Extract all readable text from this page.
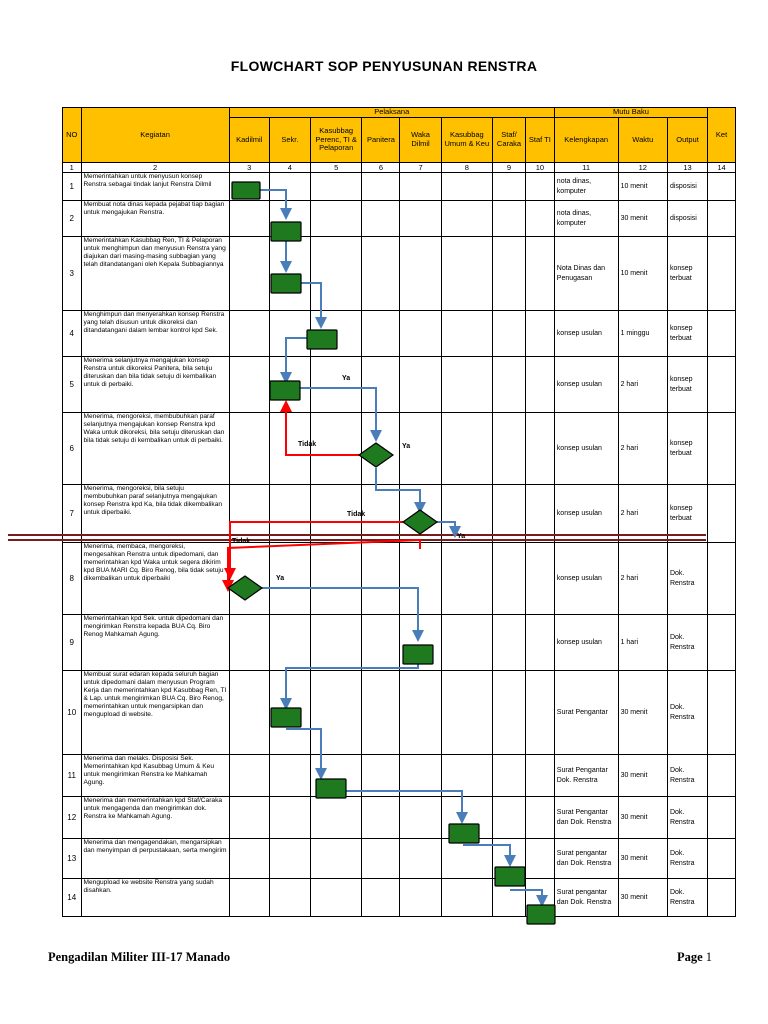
FLOWCHART SOP PENYUSUNAN RENSTRA
NO	Kegiatan	Pelaksana								Mutu Baku			Ket
		Kadilmil	Sekr.	Kasubbag Perenc, TI & Pelaporan	Panitera	Waka Dilmil	Kasubbag Umum & Keu	Staf/ Caraka	Staf TI	Kelengkapan	Waktu	Output	
1	2	3	4	5	6	7	8	9	10	11	12	13	14
1	Memerintahkan untuk menyusun konsep Renstra sebagai tindak lanjut Renstra Dilmil									nota dinas, komputer	10 menit	disposisi	
2	Membuat nota dinas kepada pejabat tiap bagian untuk mengajukan Renstra.									nota dinas, komputer	30 menit	disposisi	
3	Memerintahkan Kasubbag Ren, TI & Pelaporan untuk menghimpun dan menyusun Renstra yang diajukan dari masing-masing subbagian yang telah ditandatangani oleh Kepala Subbagiannya									Nota Dinas dan Penugasan	10 menit	konsep terbuat	
4	Menghimpun dan menyerahkan konsep Renstra yang telah disusun untuk dikoreksi dan ditandatangani dalam lembar kontrol kpd Sek.									konsep usulan	1 minggu	konsep terbuat	
5	Menerima selanjutnya mengajukan konsep Renstra untuk dikoreksi Panitera, bila setuju diteruskan dan bila tidak setuju di kembalikan untuk di perbaiki.									konsep usulan	2 hari	konsep terbuat	
6	Menerima, mengoreksi, membubuhkan paraf selanjutnya mengajukan konsep Renstra kpd Waka untuk dikoreksi, bila setuju diteruskan dan bila tidak setuju di kembalikan untuk di perbaiki.									konsep usulan	2 hari	konsep terbuat	
7	Menerima, mengoreksi, bila setuju membubuhkan paraf selanjutnya mengajukan konsep Renstra kpd Ka, bila tidak dikembalikan untuk diperbaiki.									konsep usulan	2 hari	konsep terbuat	
8	Menerima, membaca, mengoreksi, mengesahkan Renstra untuk dipedomani, dan memerintahkan kpd Waka untuk segera dikirim kpd BUA MARI Cq. Biro Renog, bila tidak setuju dikembalikan untuk diperbaiki									konsep usulan	2 hari	Dok. Renstra	
9	Memerintahkan kpd Sek. untuk dipedomani dan mengirimkan Renstra kepada BUA Cq. Biro Renog Mahkamah Agung.									konsep usulan	1 hari	Dok. Renstra	
10	Membuat surat edaran kepada seluruh bagian untuk dipedomani dalam menyusun Program Kerja dan memerintahkan kpd Kasubbag Ren, TI & Lap. untuk mengirimkan BUA Cq. Biro Renog, memerintahkan untuk mengarsipkan dan mengupload di website.									Surat Pengantar	30 menit	Dok. Renstra	
11	Menerima dan melaks. Disposisi Sek. Memerintahkan kpd Kasubbag Umum & Keu untuk mengirimkan Renstra ke Mahkamah Agung.									Surat Pengantar Dok. Renstra	30 menit	Dok. Renstra	
12	Menerima dan memerintahkan kpd Staf/Caraka untuk mengagenda dan mengirimkan dok. Renstra ke Mahkamah Agung.									Surat Pengantar dan Dok. Renstra	30 menit	Dok. Renstra	
13	Menerima dan mengagendakan, mengarsipkan dan menyimpan di perpustakaan, serta mengirim									Surat pengantar dan Dok. Renstra	30 menit	Dok. Renstra	
14	Mengupload ke website Renstra yang sudah disahkan.									Surat pengantar dan Dok. Renstra	30 menit	Dok. Renstra	
Ya
Tidak	Ya
Tidak
Ya
Tidak
Ya
Pengadilan Militer III-17 Manado	Page 1
